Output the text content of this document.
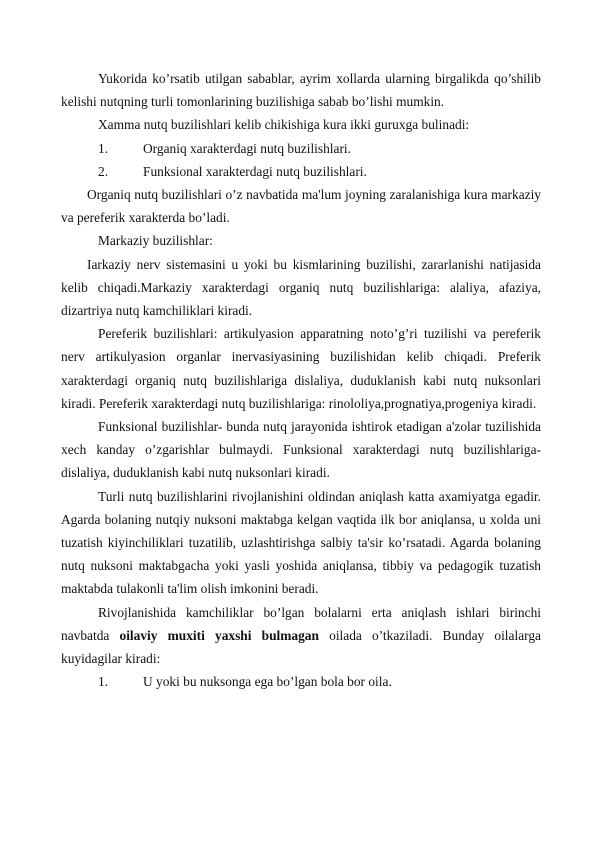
Yukorida ko’rsatib utilgan sabablar, ayrim xollarda ularning birgalikda qo’shilib kelishi nutqning turli tomonlarining buzilishiga sabab bo’lishi mumkin.

Xamma nutq buzilishlari kelib chikishiga kura ikki guruxga bulinadi:

1.	Organiq xarakterdagi nutq buzilishlari.
2.	Funksional xarakterdagi nutq buzilishlari.

Organiq nutq buzilishlari o’z navbatida ma'lum joyning zaralanishiga kura markaziy va pereferik xarakterda bo’ladi.

Markaziy buzilishlar:

Iarkaziy nerv sistemasini u yoki bu kismlarining buzilishi, zararlanishi natijasida kelib chiqadi.Markaziy xarakterdagi organiq nutq buzilishlariga: alaliya, afaziya, dizartriya nutq kamchiliklari kiradi.

Pereferik buzilishlari: artikulyasion apparatning noto’g’ri tuzilishi va pereferik nerv artikulyasion organlar inervasiyasining buzilishidan kelib chiqadi. Preferik xarakterdagi organiq nutq buzilishlariga dislaliya, duduklanish kabi nutq nuksonlari kiradi. Pereferik xarakterdagi nutq buzilishlariga: rinololiya,prognatiya,progeniya kiradi.

Funksional buzilishlar- bunda nutq jarayonida ishtirok etadigan a'zolar tuzilishida xech kanday o’zgarishlar bulmaydi. Funksional xarakterdagi nutq buzilishlariga- dislaliya, duduklanish kabi nutq nuksonlari kiradi.

Turli nutq buzilishlarini rivojlanishini oldindan aniqlash katta axamiyatga egadir. Agarda bolaning nutqiy nuksoni maktabga kelgan vaqtida ilk bor aniqlansa, u xolda uni tuzatish kiyinchiliklari tuzatilib, uzlashtirishga salbiy ta'sir ko’rsatadi. Agarda bolaning nutq nuksoni maktabgacha yoki yasli yoshida aniqlansa, tibbiy va pedagogik tuzatish maktabda tulakonli ta'lim olish imkonini beradi.

Rivojlanishida kamchiliklar bo’lgan bolalarni erta aniqlash ishlari birinchi navbatda oilaviy muxiti yaxshi bulmagan oilada o’tkaziladi. Bunday oilalarga kuyidagilar kiradi:

1.	U yoki bu nuksonga ega bo’lgan bola bor oila.
